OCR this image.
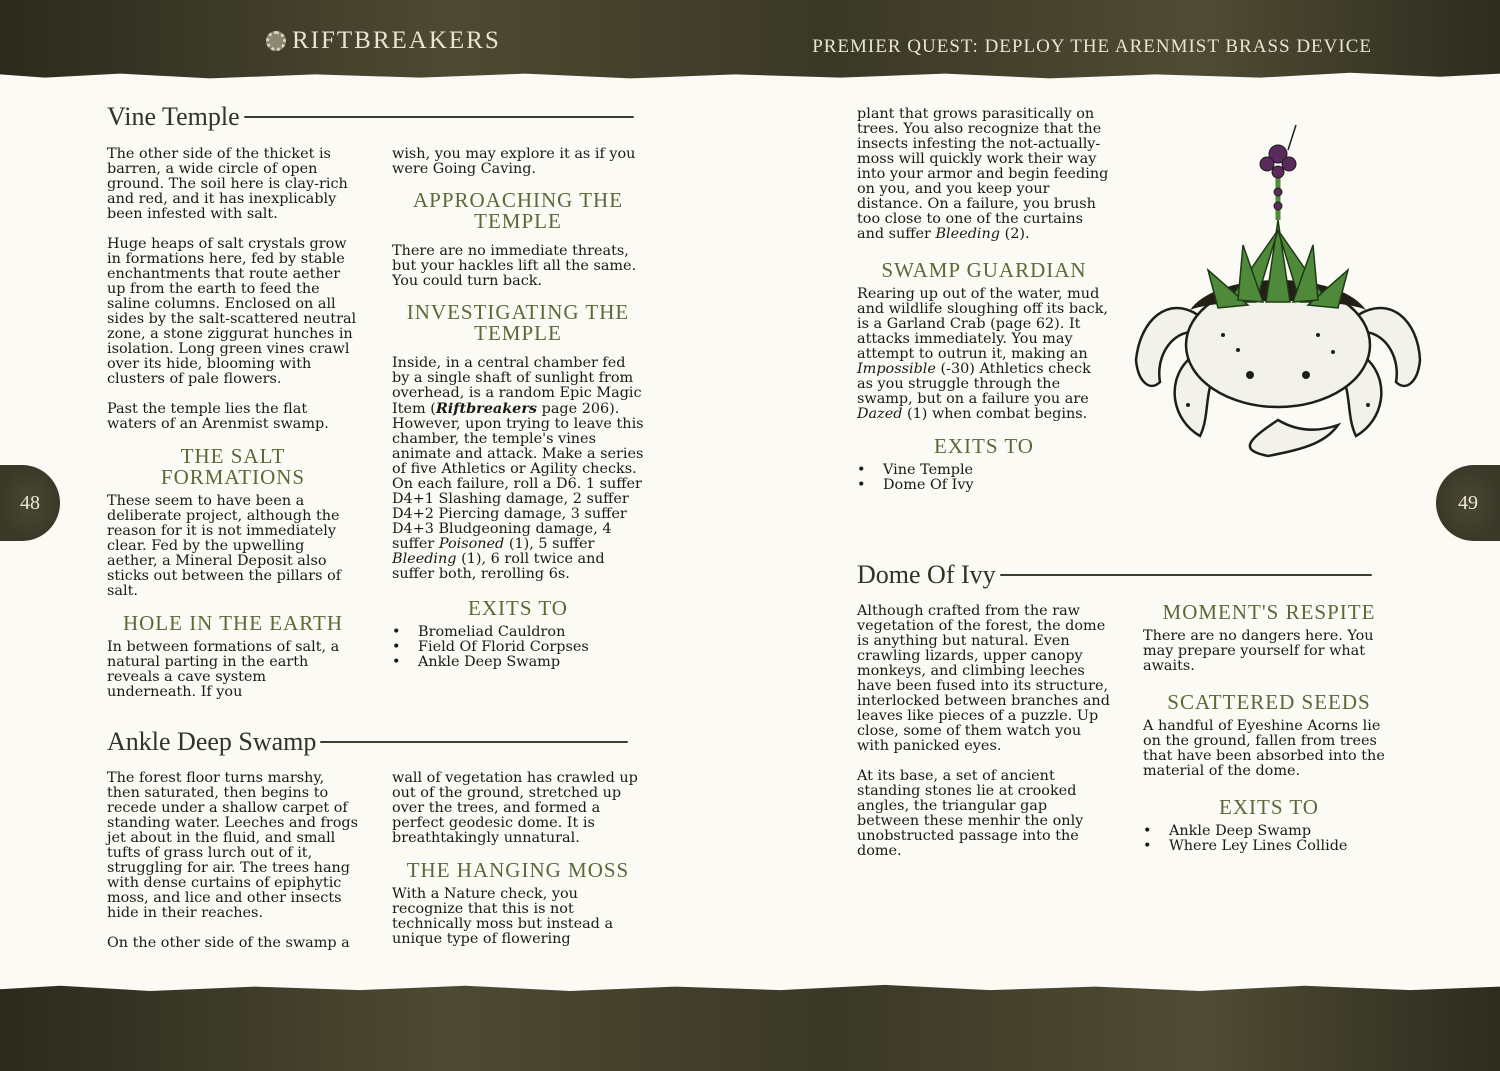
RIFTBREAKERS	PREMIER QUEST: DEPLOY THE ARENMIST BRASS DEVICE
48	49
Vine Temple

The other side of the thicket is barren, a wide circle of open ground. The soil here is clay-rich and red, and it has inexplicably been infested with salt.

Huge heaps of salt crystals grow in formations here, fed by stable enchantments that route aether up from the earth to feed the saline columns. Enclosed on all sides by the salt-scattered neutral zone, a stone ziggurat hunches in isolation. Long green vines crawl over its hide, blooming with clusters of pale flowers.

Past the temple lies the flat waters of an Arenmist swamp.

THE SALT FORMATIONS

These seem to have been a deliberate project, although the reason for it is not immediately clear. Fed by the upwelling aether, a Mineral Deposit also sticks out between the pillars of salt.

HOLE IN THE EARTH

In between formations of salt, a natural parting in the earth reveals a cave system underneath. If you

wish, you may explore it as if you were Going Caving.

APPROACHING THE TEMPLE

There are no immediate threats, but your hackles lift all the same. You could turn back.

INVESTIGATING THE TEMPLE

Inside, in a central chamber fed by a single shaft of sunlight from overhead, is a random Epic Magic Item (Riftbreakers page 206). However, upon trying to leave this chamber, the temple's vines animate and attack. Make a series of five Athletics or Agility checks. On each failure, roll a D6. 1 suffer D4+1 Slashing damage, 2 suffer D4+2 Piercing damage, 3 suffer D4+3 Bludgeoning damage, 4 suffer Poisoned (1), 5 suffer Bleeding (1), 6 roll twice and suffer both, rerolling 6s.

EXITS TO
• Bromeliad Cauldron
• Field Of Florid Corpses
• Ankle Deep Swamp
Ankle Deep Swamp

The forest floor turns marshy, then saturated, then begins to recede under a shallow carpet of standing water. Leeches and frogs jet about in the fluid, and small tufts of grass lurch out of it, struggling for air. The trees hang with dense curtains of epiphytic moss, and lice and other insects hide in their reaches.

On the other side of the swamp a

wall of vegetation has crawled up out of the ground, stretched up over the trees, and formed a perfect geodesic dome. It is breathtakingly unnatural.

THE HANGING MOSS

With a Nature check, you recognize that this is not technically moss but instead a unique type of flowering

plant that grows parasitically on trees. You also recognize that the insects infesting the not-actually-moss will quickly work their way into your armor and begin feeding on you, and you keep your distance. On a failure, you brush too close to one of the curtains and suffer Bleeding (2).

SWAMP GUARDIAN

Rearing up out of the water, mud and wildlife sloughing off its back, is a Garland Crab (page 62). It attacks immediately. You may attempt to outrun it, making an Impossible (-30) Athletics check as you struggle through the swamp, but on a failure you are Dazed (1) when combat begins.

EXITS TO
• Vine Temple
• Dome Of Ivy
Dome Of Ivy

Although crafted from the raw vegetation of the forest, the dome is anything but natural. Even crawling lizards, upper canopy monkeys, and climbing leeches have been fused into its structure, interlocked between branches and leaves like pieces of a puzzle. Up close, some of them watch you with panicked eyes.

At its base, a set of ancient standing stones lie at crooked angles, the triangular gap between these menhir the only unobstructed passage into the dome.

MOMENT'S RESPITE

There are no dangers here. You may prepare yourself for what awaits.

SCATTERED SEEDS

A handful of Eyeshine Acorns lie on the ground, fallen from trees that have been absorbed into the material of the dome.

EXITS TO
• Ankle Deep Swamp
• Where Ley Lines Collide
